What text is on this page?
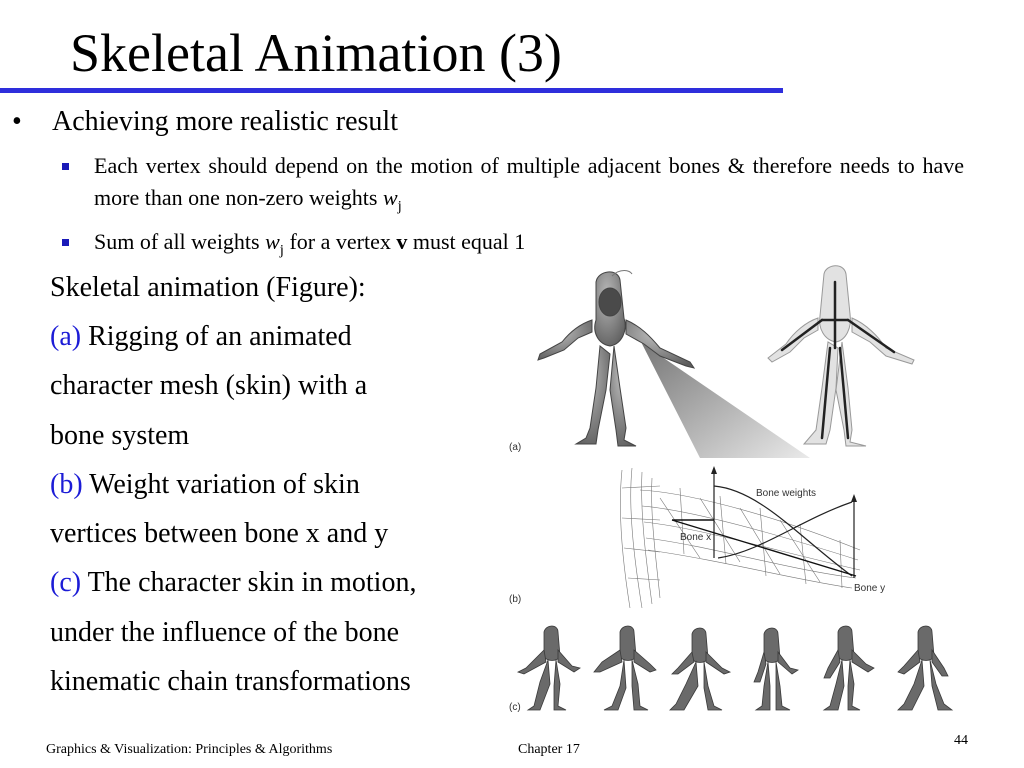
Skeletal Animation (3)
• Achieving more realistic result
Each vertex should depend on the motion of multiple adjacent bones & therefore needs to have more than one non-zero weights $w_j$
Sum of all weights $w_j$ for a vertex v must equal 1
Skeletal animation (Figure):
(a) Rigging of an animated
character mesh (skin) with a
bone system
(b) Weight variation of skin
vertices between bone x and y
(c) The character skin in motion,
under the influence of the bone
kinematic chain transformations
(a)
Bone weights
Bone x
Bone y
(b)
(c)
Graphics & Visualization: Principles & Algorithms	Chapter 17
44
